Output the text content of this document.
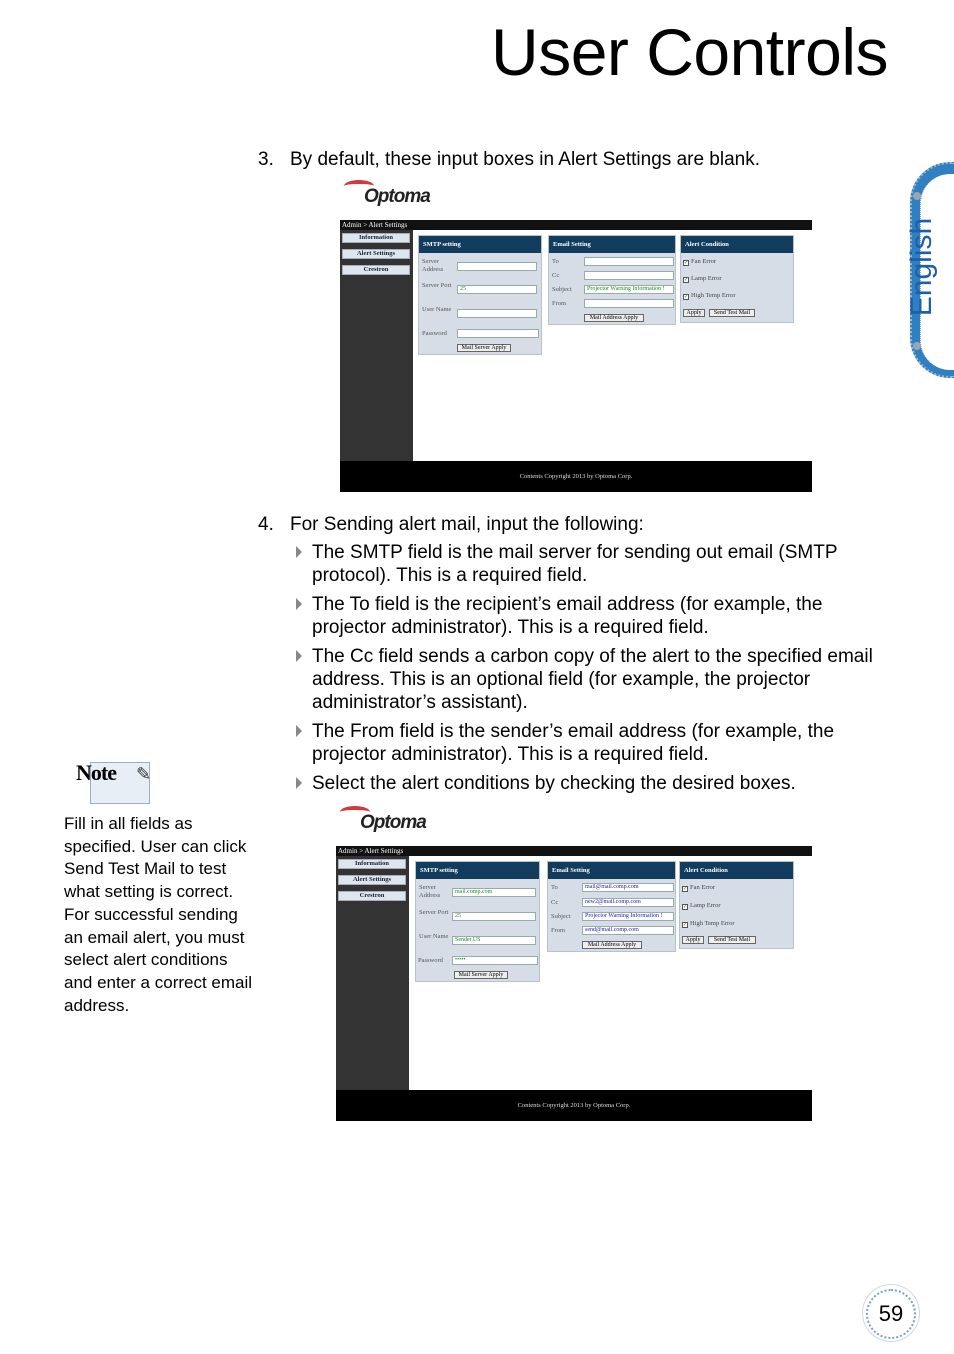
User Controls
English
3. By default, these input boxes in Alert Settings are blank.
Optoma
Admin > Alert Settings
Information
Alert Settings
Crestron
SMTP setting
Server Address
Server Port	25
User Name
Password
Mail Server Apply
Email Setting
To
Cc
Subject	Projector Warning Information !
From
Mail Address Apply
Alert Condition
✓ Fan Error
✓ Lamp Error
✓ High Temp Error
Apply	Send Test Mail
Contents Copyright 2013 by Optoma Corp.
4. For Sending alert mail, input the following:
The SMTP field is the mail server for sending out email (SMTP protocol). This is a required field.
The To field is the recipient’s email address (for example, the projector administrator). This is a required field.
The Cc field sends a carbon copy of the alert to the specified email address. This is an optional field (for example, the projector administrator’s assistant).
The From field is the sender’s email address (for example, the projector administrator). This is a required field.
Select the alert conditions by checking the desired boxes.
Note ✎
Fill in all fields as specified. User can click Send Test Mail to test what setting is correct. For successful sending an email alert, you must select alert conditions and enter a correct email address.
Optoma
Admin > Alert Settings
Information
Alert Settings
Crestron
SMTP setting
Server Address	mail.comp.com
Server Port	25
User Name	Sender.US
Password	•••••
Mail Server Apply
Email Setting
To	mail@mail.comp.com
Cc	new2@mail.comp.com
Subject	Projector Warning Information !
From	send@mail.comp.com
Mail Address Apply
Alert Condition
✓ Fan Error
✓ Lamp Error
✓ High Temp Error
Apply	Send Test Mail
Contents Copyright 2013 by Optoma Corp.
59
